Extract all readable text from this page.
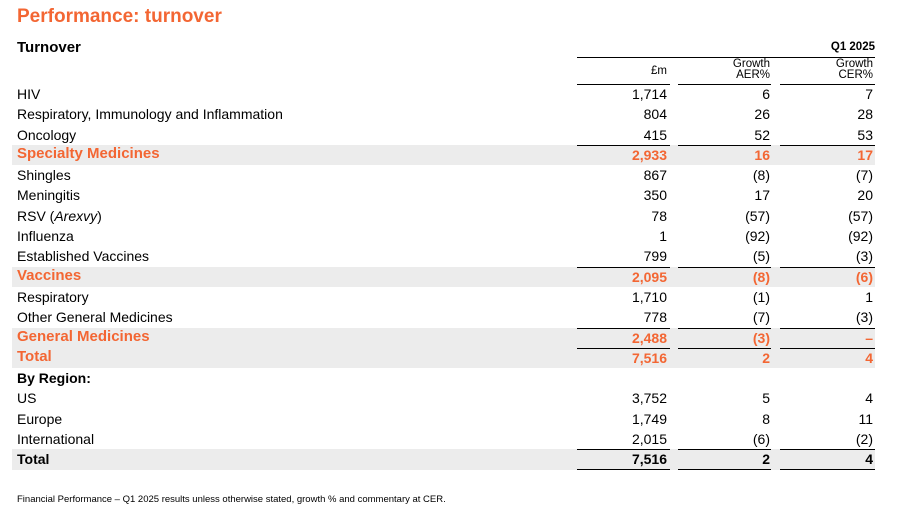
Performance: turnover
Turnover	Q1 2025
£m
Growth
AER%
Growth
CER%
HIV	1,714	6	7
Respiratory, Immunology and Inflammation	804	26	28
Oncology	415	52	53
Specialty Medicines	2,933	16	17
Shingles	867	(8)	(7)
Meningitis	350	17	20
RSV (Arexvy)	78	(57)	(57)
Influenza	1	(92)	(92)
Established Vaccines	799	(5)	(3)
Vaccines	2,095	(8)	(6)
Respiratory	1,710	(1)	1
Other General Medicines	778	(7)	(3)
General Medicines	2,488	(3)	–
Total	7,516	2	4
By Region:
US	3,752	5	4
Europe	1,749	8	11
International	2,015	(6)	(2)
Total	7,516	2	4
Financial Performance – Q1 2025 results unless otherwise stated, growth % and commentary at CER.
